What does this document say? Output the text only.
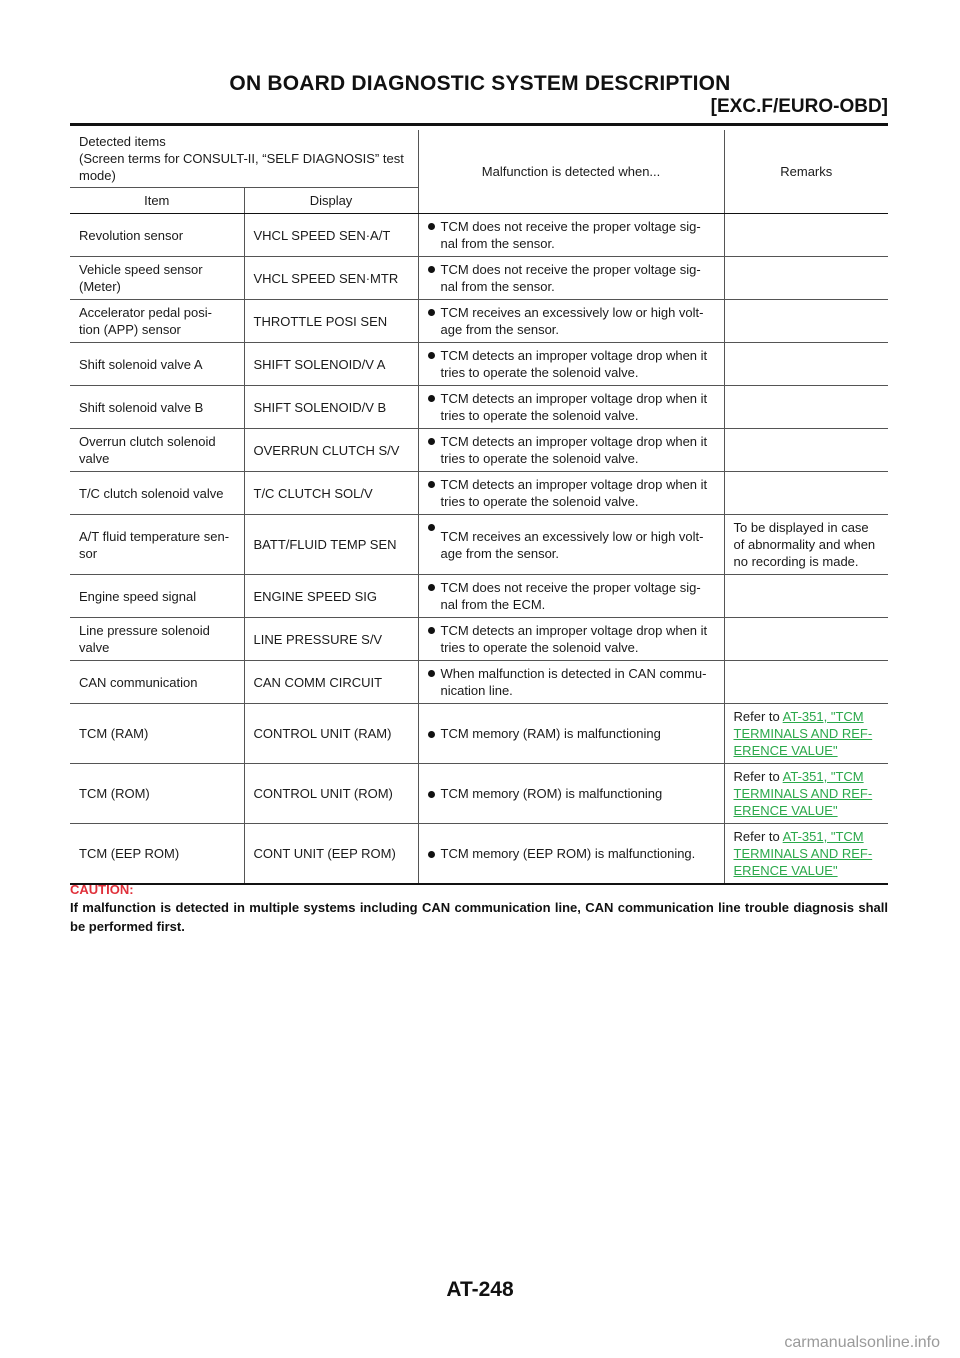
ON BOARD DIAGNOSTIC SYSTEM DESCRIPTION
[EXC.F/EURO-OBD]
Detected items
(Screen terms for CONSULT-II, “SELF DIAGNOSIS” test mode)		Malfunction is detected when...	Remarks
Item	Display		
Revolution sensor	VHCL SPEED SEN·A/T	TCM does not receive the proper voltage sig-
nal from the sensor.	
Vehicle speed sensor
(Meter)	VHCL SPEED SEN·MTR	TCM does not receive the proper voltage sig-
nal from the sensor.	
Accelerator pedal posi-
tion (APP) sensor	THROTTLE POSI SEN	TCM receives an excessively low or high volt-
age from the sensor.	
Shift solenoid valve A	SHIFT SOLENOID/V A	TCM detects an improper voltage drop when it
tries to operate the solenoid valve.	
Shift solenoid valve B	SHIFT SOLENOID/V B	TCM detects an improper voltage drop when it
tries to operate the solenoid valve.	
Overrun clutch solenoid
valve	OVERRUN CLUTCH S/V	TCM detects an improper voltage drop when it
tries to operate the solenoid valve.	
T/C clutch solenoid valve	T/C CLUTCH SOL/V	TCM detects an improper voltage drop when it
tries to operate the solenoid valve.	
A/T fluid temperature sen-
sor	BATT/FLUID TEMP SEN	TCM receives an excessively low or high volt-
age from the sensor.	To be displayed in case
of abnormality and when
no recording is made.
Engine speed signal	ENGINE SPEED SIG	TCM does not receive the proper voltage sig-
nal from the ECM.	
Line pressure solenoid
valve	LINE PRESSURE S/V	TCM detects an improper voltage drop when it
tries to operate the solenoid valve.	
CAN communication	CAN COMM CIRCUIT	When malfunction is detected in CAN commu-
nication line.	
TCM (RAM)	CONTROL UNIT (RAM)	TCM memory (RAM) is malfunctioning	Refer to AT-351, "TCM
TERMINALS AND REF-
ERENCE VALUE"
TCM (ROM)	CONTROL UNIT (ROM)	TCM memory (ROM) is malfunctioning	Refer to AT-351, "TCM
TERMINALS AND REF-
ERENCE VALUE"
TCM (EEP ROM)	CONT UNIT (EEP ROM)	TCM memory (EEP ROM) is malfunctioning.	Refer to AT-351, "TCM
TERMINALS AND REF-
ERENCE VALUE"
CAUTION:
If malfunction is detected in multiple systems including CAN communication line, CAN communication line trouble diagnosis shall be performed first.
AT-248
carmanualsonline.info
